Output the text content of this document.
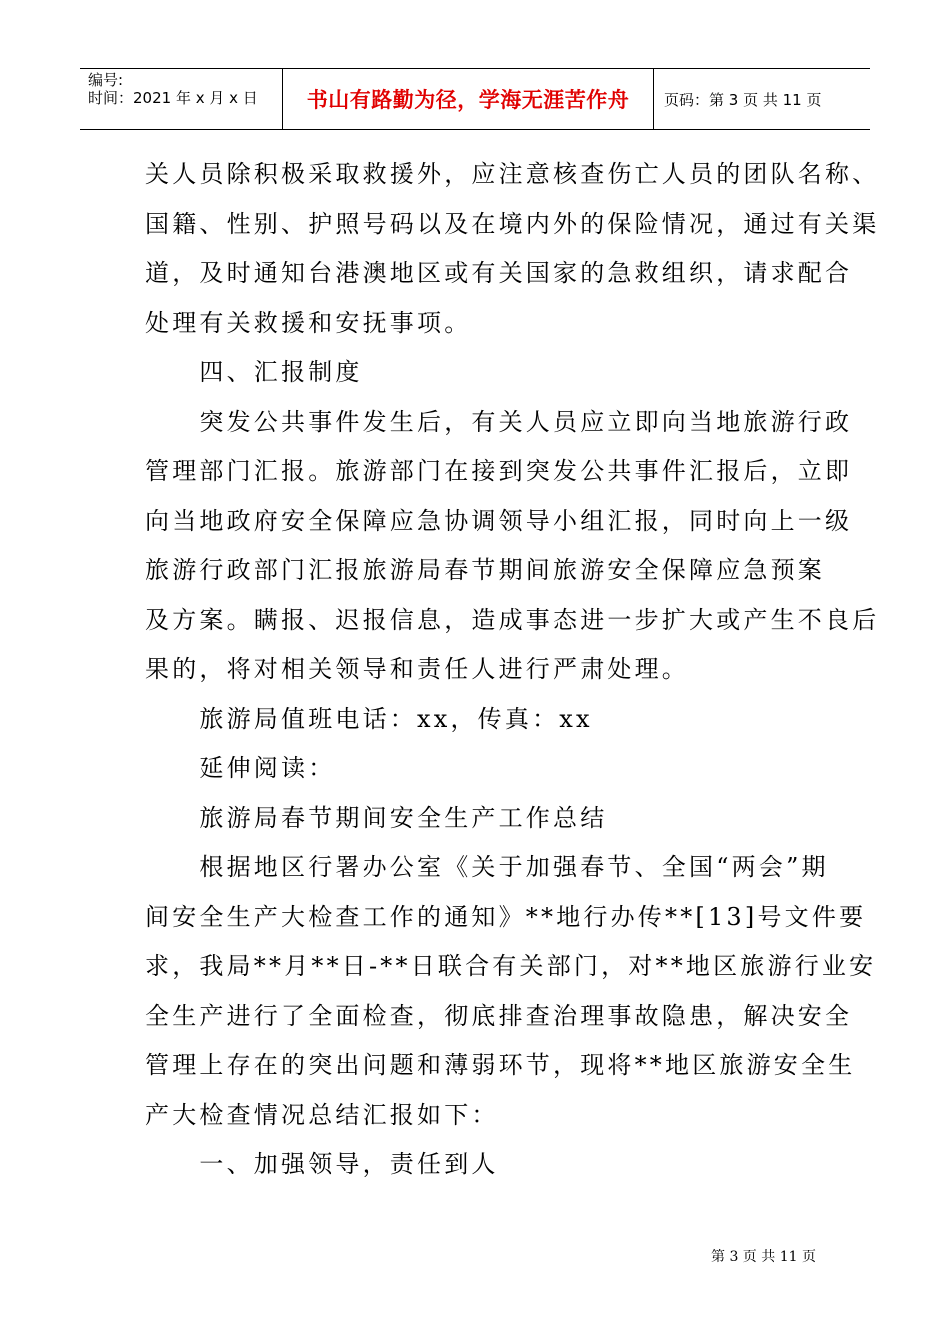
编号:
时间：2021 年 x 月 x 日	书山有路勤为径，学海无涯苦作舟 页码：第 3 页 共 11 页

关人员除积极采取救援外，应注意核查伤亡人员的团队名称、

国籍、性别、护照号码以及在境内外的保险情况，通过有关渠

道，及时通知台港澳地区或有关国家的急救组织，请求配合

处理有关救援和安抚事项。

　　四、汇报制度

　　突发公共事件发生后，有关人员应立即向当地旅游行政

管理部门汇报。旅游部门在接到突发公共事件汇报后，立即

向当地政府安全保障应急协调领导小组汇报，同时向上一级

旅游行政部门汇报旅游局春节期间旅游安全保障应急预案

及方案。瞒报、迟报信息，造成事态进一步扩大或产生不良后

果的，将对相关领导和责任人进行严肃处理。

　　旅游局值班电话：xx，传真：xx

　　延伸阅读：

　　旅游局春节期间安全生产工作总结

　　根据地区行署办公室《关于加强春节、全国“两会”期

间安全生产大检查工作的通知》**地行办传**[13]号文件要

求，我局**月**日-**日联合有关部门，对**地区旅游行业安

全生产进行了全面检查，彻底排查治理事故隐患，解决安全

管理上存在的突出问题和薄弱环节，现将**地区旅游安全生

产大检查情况总结汇报如下：

　　一、加强领导，责任到人

第 3 页 共 11 页
